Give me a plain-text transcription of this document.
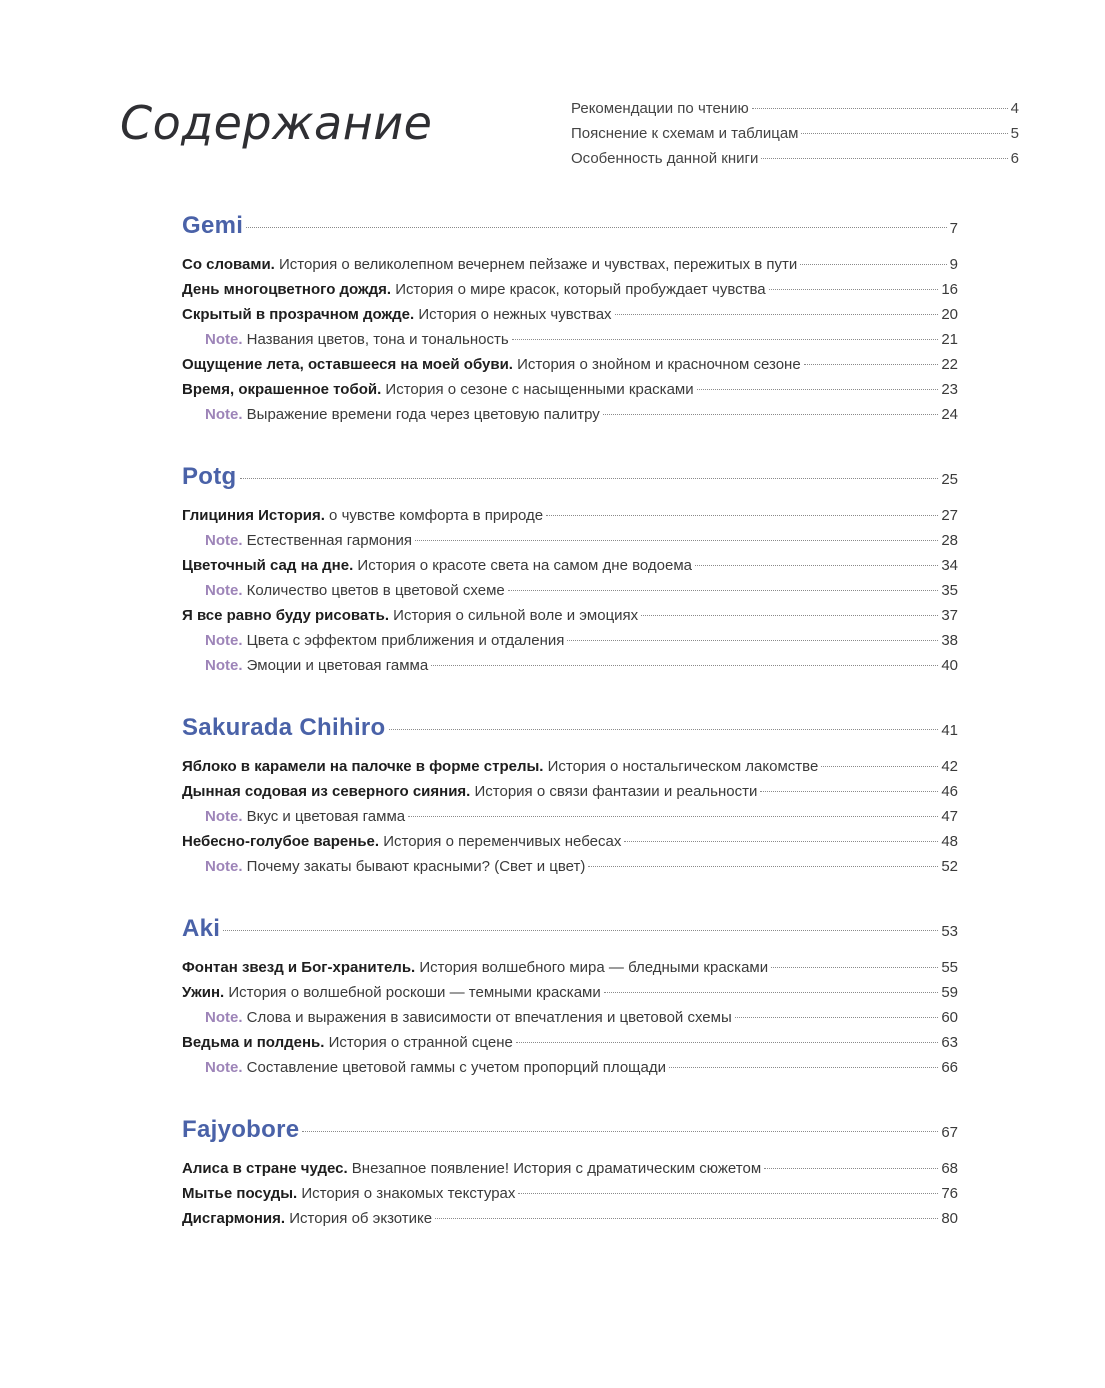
Содержание	Рекомендации по чтению	4
Пояснение к схемам и таблицам	5
Особенность данной книги	6
Gemi	7
Со словами. История о великолепном вечернем пейзаже и чувствах, пережитых в пути	9
День многоцветного дождя. История о мире красок, который пробуждает чувства	16
Скрытый в прозрачном дожде. История о нежных чувствах	20
Note. Названия цветов, тона и тональность	21
Ощущение лета, оставшееся на моей обуви. История о знойном и красночном сезоне	22
Время, окрашенное тобой. История о сезоне с насыщенными красками	23
Note. Выражение времени года через цветовую палитру	24
Potg	25
Глициния История. о чувстве комфорта в природе	27
Note. Естественная гармония	28
Цветочный сад на дне. История о красоте света на самом дне водоема	34
Note. Количество цветов в цветовой схеме	35
Я все равно буду рисовать. История о сильной воле и эмоциях	37
Note. Цвета с эффектом приближения и отдаления	38
Note. Эмоции и цветовая гамма	40
Sakurada Chihiro	41
Яблоко в карамели на палочке в форме стрелы. История о ностальгическом лакомстве	42
Дынная содовая из северного сияния. История о связи фантазии и реальности	46
Note. Вкус и цветовая гамма	47
Небесно-голубое варенье. История о переменчивых небесах	48
Note. Почему закаты бывают красными? (Свет и цвет)	52
Aki	53
Фонтан звезд и Бог-хранитель. История волшебного мира — бледными красками	55
Ужин. История о волшебной роскоши — темными красками	59
Note. Слова и выражения в зависимости от впечатления и цветовой схемы	60
Ведьма и полдень. История о странной сцене	63
Note. Составление цветовой гаммы с учетом пропорций площади	66
Fajyobore	67
Алиса в стране чудес. Внезапное появление! История с драматическим сюжетом	68
Мытье посуды. История о знакомых текстурах	76
Дисгармония. История об экзотике	80
